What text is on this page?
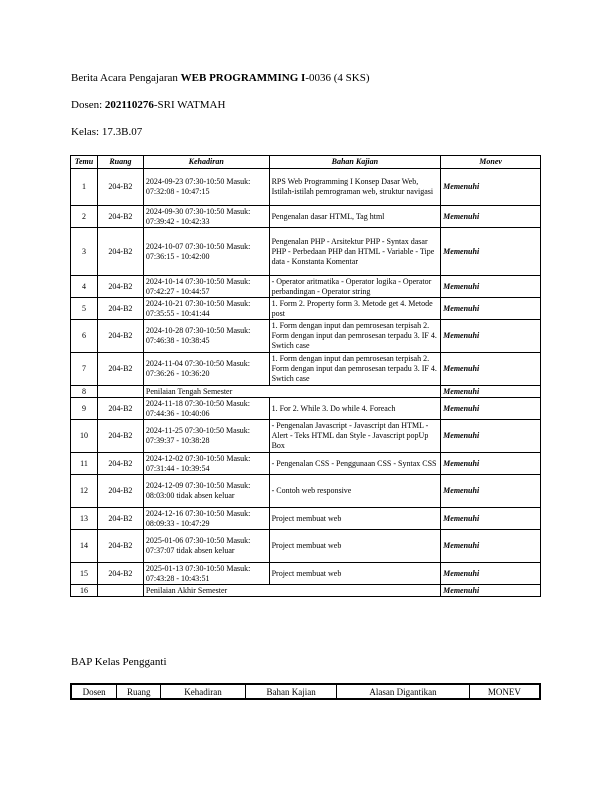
Berita Acara Pengajaran WEB PROGRAMMING I-0036 (4 SKS)
Dosen: 202110276-SRI WATMAH
Kelas: 17.3B.07
Temu	Ruang	Kehadiran	Bahan Kajian	Monev
1	204-B2	2024-09-23 07:30-10:50 Masuk: 07:32:08 - 10:47:15	RPS Web Programming I Konsep Dasar Web, Istilah-istilah pemrograman web, struktur navigasi	Memenuhi
2	204-B2	2024-09-30 07:30-10:50 Masuk: 07:39:42 - 10:42:33	Pengenalan dasar HTML, Tag html	Memenuhi
3	204-B2	2024-10-07 07:30-10:50 Masuk: 07:36:15 - 10:42:00	Pengenalan PHP - Arsitektur PHP - Syntax dasar PHP - Perbedaan PHP dan HTML - Variable - Tipe data - Konstanta Komentar	Memenuhi
4	204-B2	2024-10-14 07:30-10:50 Masuk: 07:42:27 - 10:44:57	- Operator aritmatika - Operator logika - Operator perbandingan - Operator string	Memenuhi
5	204-B2	2024-10-21 07:30-10:50 Masuk: 07:35:55 - 10:41:44	1. Form 2. Property form 3. Metode get 4. Metode post	Memenuhi
6	204-B2	2024-10-28 07:30-10:50 Masuk: 07:46:38 - 10:38:45	1. Form dengan input dan pemrosesan terpisah 2. Form dengan input dan pemrosesan terpadu 3. IF 4. Swtich case	Memenuhi
7	204-B2	2024-11-04 07:30-10:50 Masuk: 07:36:26 - 10:36:20	1. Form dengan input dan pemrosesan terpisah 2. Form dengan input dan pemrosesan terpadu 3. IF 4. Swtich case	Memenuhi
8		Penilaian Tengah Semester		Memenuhi
9	204-B2	2024-11-18 07:30-10:50 Masuk: 07:44:36 - 10:40:06	1. For 2. While 3. Do while 4. Foreach	Memenuhi
10	204-B2	2024-11-25 07:30-10:50 Masuk: 07:39:37 - 10:38:28	- Pengenalan Javascript - Javascript dan HTML - Alert - Teks HTML dan Style - Javascript popUp Box	Memenuhi
11	204-B2	2024-12-02 07:30-10:50 Masuk: 07:31:44 - 10:39:54	- Pengenalan CSS - Penggunaan CSS - Syntax CSS	Memenuhi
12	204-B2	2024-12-09 07:30-10:50 Masuk: 08:03:00 tidak absen keluar	- Contoh web responsive	Memenuhi
13	204-B2	2024-12-16 07:30-10:50 Masuk: 08:09:33 - 10:47:29	Project membuat web	Memenuhi
14	204-B2	2025-01-06 07:30-10:50 Masuk: 07:37:07 tidak absen keluar	Project membuat web	Memenuhi
15	204-B2	2025-01-13 07:30-10:50 Masuk: 07:43:28 - 10:43:51	Project membuat web	Memenuhi
16		Penilaian Akhir Semester		Memenuhi
BAP Kelas Pengganti
Dosen	Ruang	Kehadiran	Bahan Kajian	Alasan Digantikan	MONEV
